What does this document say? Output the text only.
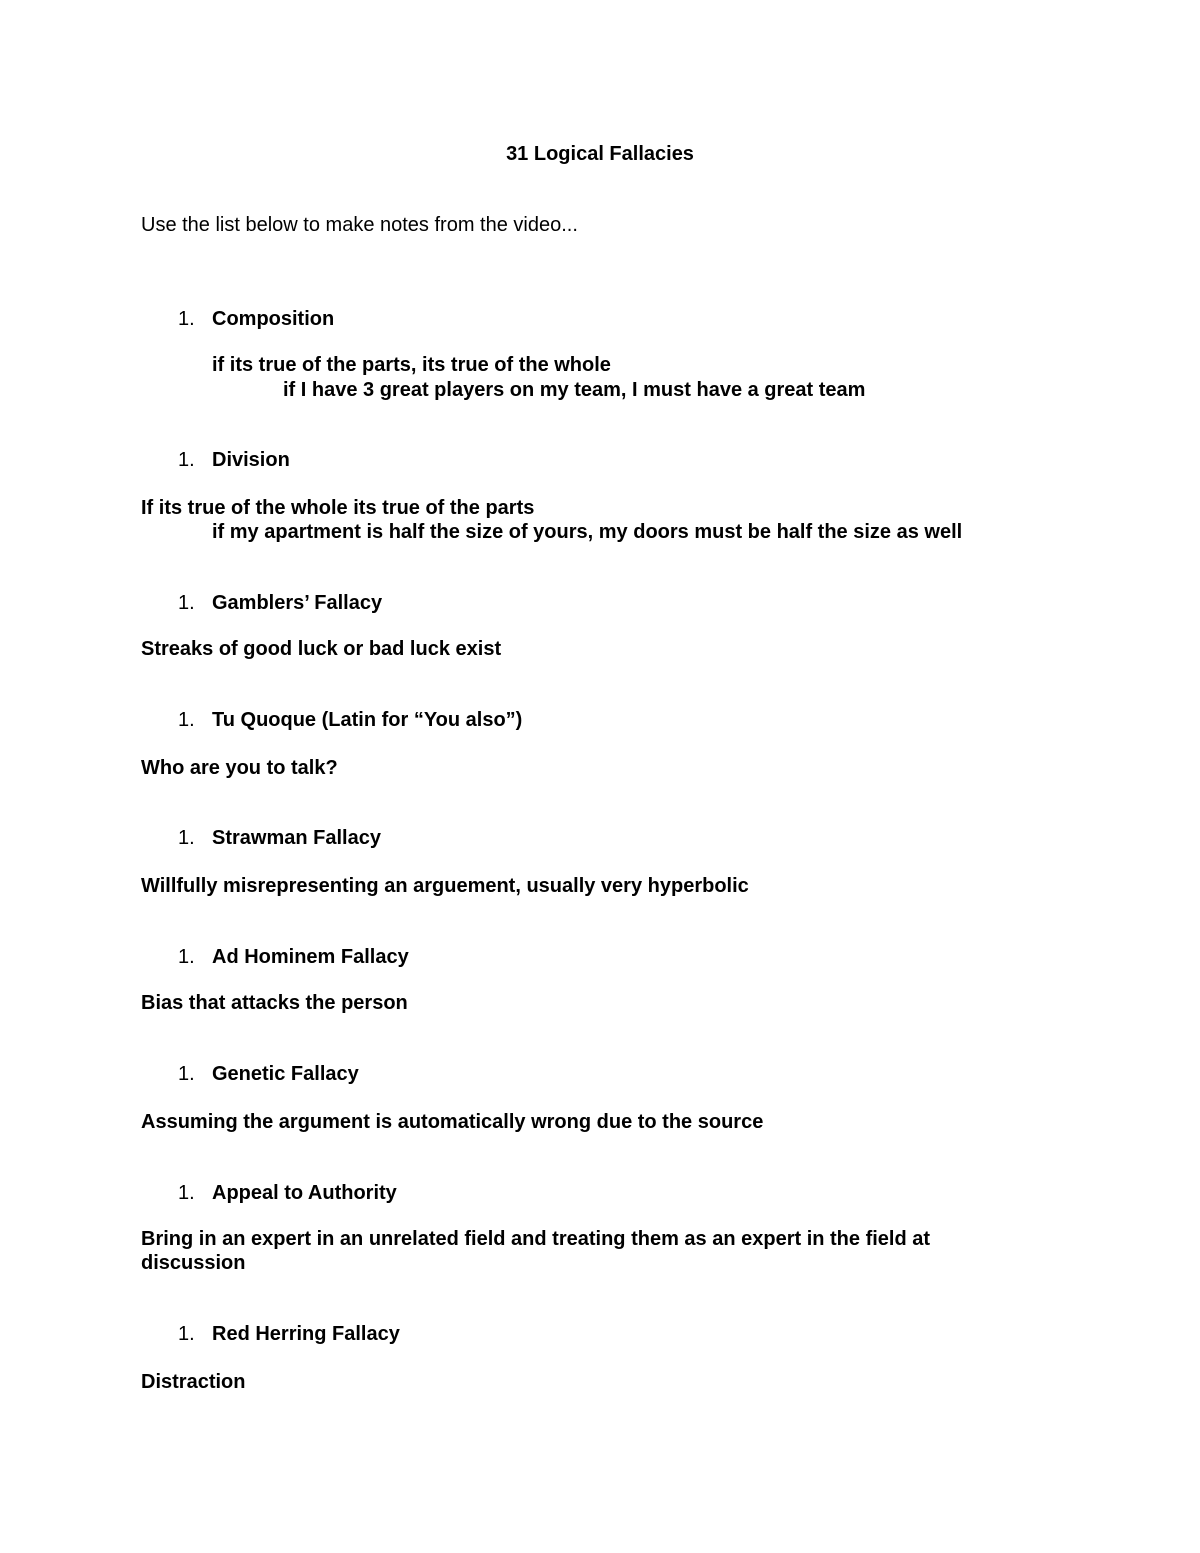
31 Logical Fallacies
Use the list below to make notes from the video...
1. Composition
if its true of the parts, its true of the whole
if I have 3 great players on my team, I must have a great team
1. Division
If its true of the whole its true of the parts
if my apartment is half the size of yours, my doors must be half the size as well
1. Gamblers’ Fallacy
Streaks of good luck or bad luck exist
1. Tu Quoque (Latin for “You also”)
Who are you to talk?
1. Strawman Fallacy
Willfully misrepresenting an arguement, usually very hyperbolic
1. Ad Hominem Fallacy
Bias that attacks the person
1. Genetic Fallacy
Assuming the argument is automatically wrong due to the source
1. Appeal to Authority
Bring in an expert in an unrelated field and treating them as an expert in the field at
discussion
1. Red Herring Fallacy
Distraction
